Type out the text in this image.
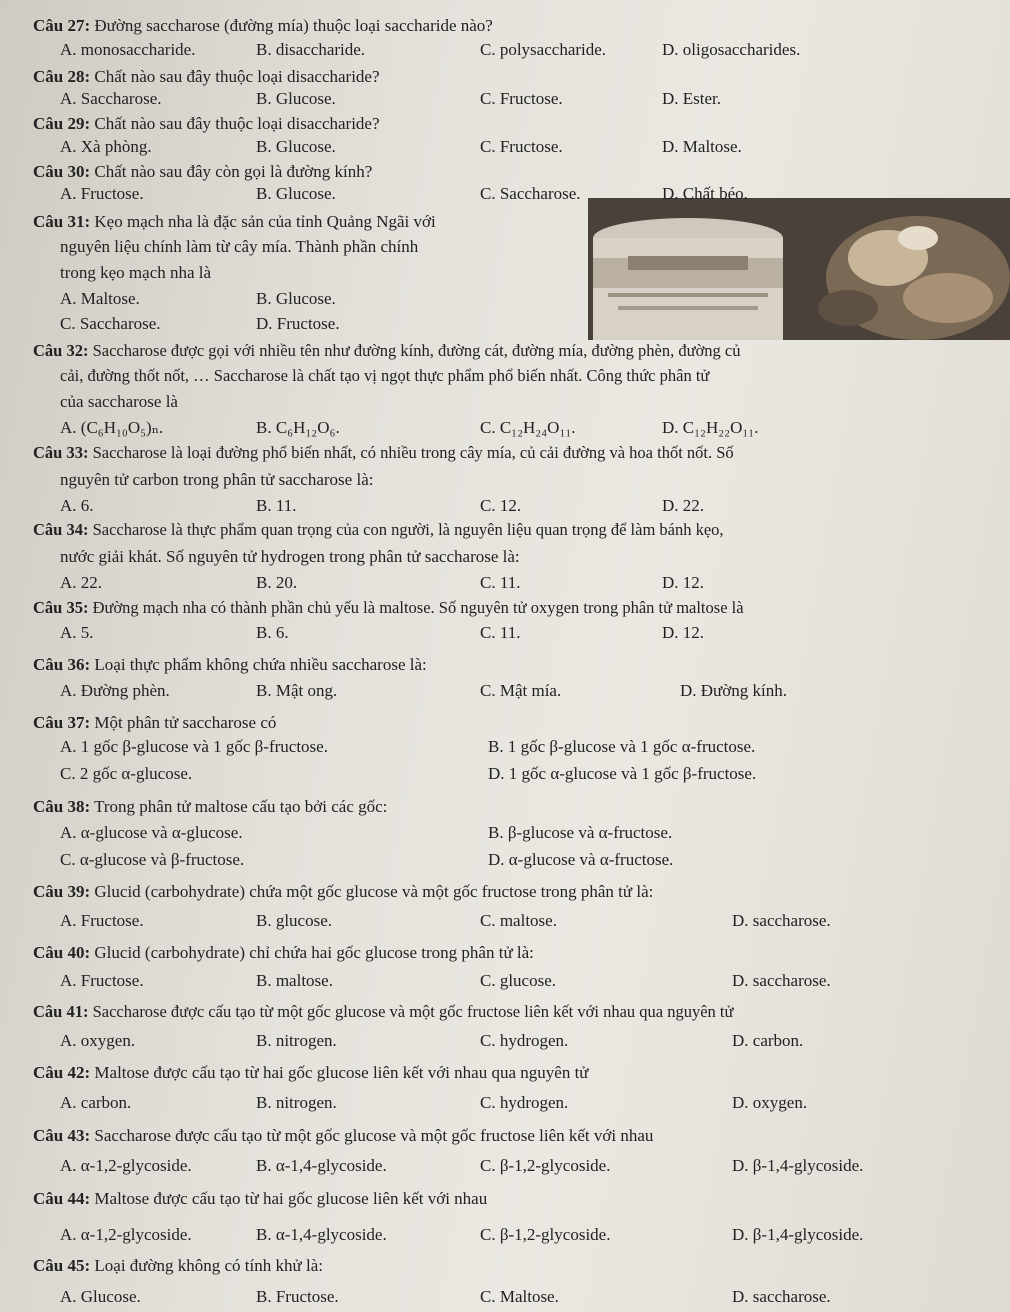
Câu 27: Đường saccharose (đường mía) thuộc loại saccharide nào?
A. monosaccharide.	B. disaccharide.	C. polysaccharide.	D. oligosaccharides.
Câu 28: Chất nào sau đây thuộc loại disaccharide?
A. Saccharose.	B. Glucose.	C. Fructose.	D. Ester.
Câu 29: Chất nào sau đây thuộc loại disaccharide?
A. Xà phòng.	B. Glucose.	C. Fructose.	D. Maltose.
Câu 30: Chất nào sau đây còn gọi là đường kính?
A. Fructose.	B. Glucose.	C. Saccharose.	D. Chất béo.
Câu 31: Kẹo mạch nha là đặc sản của tỉnh Quảng Ngãi với
nguyên liệu chính làm từ cây mía. Thành phần chính
trong kẹo mạch nha là
A. Maltose.	B. Glucose.
C. Saccharose.	D. Fructose.
Câu 32: Saccharose được gọi với nhiều tên như đường kính, đường cát, đường mía, đường phèn, đường củ
cải, đường thốt nốt, … Saccharose là chất tạo vị ngọt thực phẩm phổ biến nhất. Công thức phân tử
của saccharose là
A. (C₆H₁₀O₅)ₙ.	B. C₆H₁₂O₆.	C. C₁₂H₂₄O₁₁.	D. C₁₂H₂₂O₁₁.
Câu 33: Saccharose là loại đường phổ biến nhất, có nhiều trong cây mía, củ cải đường và hoa thốt nốt. Số
nguyên tử carbon trong phân tử saccharose là:
A. 6.	B. 11.	C. 12.	D. 22.
Câu 34: Saccharose là thực phẩm quan trọng của con người, là nguyên liệu quan trọng để làm bánh kẹo,
nước giải khát. Số nguyên tử hydrogen trong phân tử saccharose là:
A. 22.	B. 20.	C. 11.	D. 12.
Câu 35: Đường mạch nha có thành phần chủ yếu là maltose. Số nguyên tử oxygen trong phân tử maltose là
A. 5.	B. 6.	C. 11.	D. 12.
Câu 36: Loại thực phẩm không chứa nhiều saccharose là:
A. Đường phèn.	B. Mật ong.	C. Mật mía.	D. Đường kính.
Câu 37: Một phân tử saccharose có
A. 1 gốc β-glucose và 1 gốc β-fructose.	B. 1 gốc β-glucose và 1 gốc α-fructose.
C. 2 gốc α-glucose.	D. 1 gốc α-glucose và 1 gốc β-fructose.
Câu 38: Trong phân tử maltose cấu tạo bởi các gốc:
A. α-glucose và α-glucose.	B. β-glucose và α-fructose.
C. α-glucose và β-fructose.	D. α-glucose và α-fructose.
Câu 39: Glucid (carbohydrate) chứa một gốc glucose và một gốc fructose trong phân tử là:
A. Fructose.	B. glucose.	C. maltose.	D. saccharose.
Câu 40: Glucid (carbohydrate) chỉ chứa hai gốc glucose trong phân tử là:
A. Fructose.	B. maltose.	C. glucose.	D. saccharose.
Câu 41: Saccharose được cấu tạo từ một gốc glucose và một gốc fructose liên kết với nhau qua nguyên tử
A. oxygen.	B. nitrogen.	C. hydrogen.	D. carbon.
Câu 42: Maltose được cấu tạo từ hai gốc glucose liên kết với nhau qua nguyên tử
A. carbon.	B. nitrogen.	C. hydrogen.	D. oxygen.
Câu 43: Saccharose được cấu tạo từ một gốc glucose và một gốc fructose liên kết với nhau
A. α-1,2-glycoside.	B. α-1,4-glycoside.	C. β-1,2-glycoside.	D. β-1,4-glycoside.
Câu 44: Maltose được cấu tạo từ hai gốc glucose liên kết với nhau
A. α-1,2-glycoside.	B. α-1,4-glycoside.	C. β-1,2-glycoside.	D. β-1,4-glycoside.
Câu 45: Loại đường không có tính khử là:
A. Glucose.	B. Fructose.	C. Maltose.	D. saccharose.
